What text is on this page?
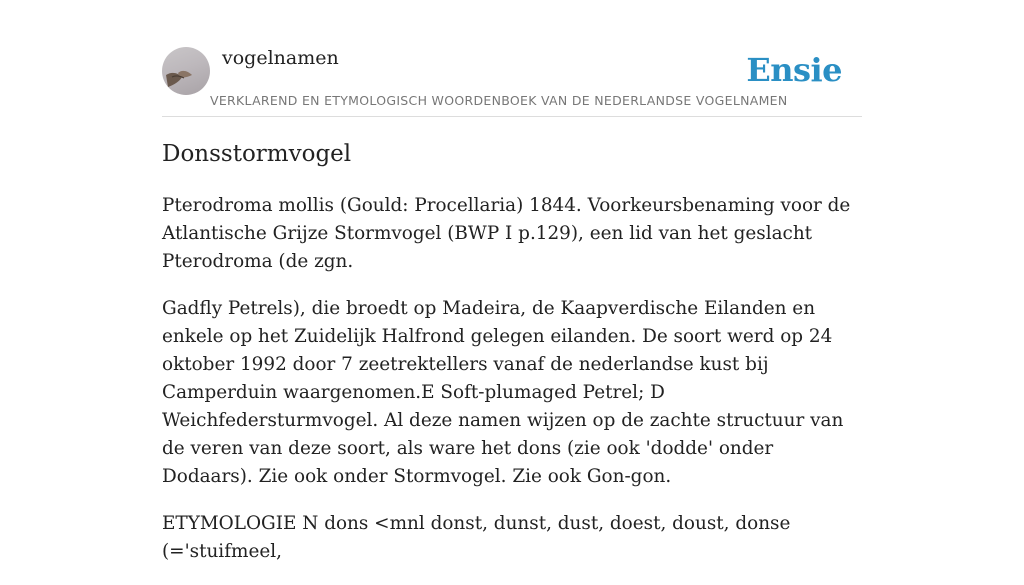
vogelnamen	Ensie
VERKLAREND EN ETYMOLOGISCH WOORDENBOEK VAN DE NEDERLANDSE VOGELNAMEN
Donsstormvogel

Pterodroma mollis (Gould: Procellaria) 1844. Voorkeursbenaming voor de Atlantische Grijze Stormvogel (BWP I p.129), een lid van het geslacht Pterodroma (de zgn.

Gadfly Petrels), die broedt op Madeira, de Kaapverdische Eilanden en enkele op het Zuidelijk Halfrond gelegen eilanden. De soort werd op 24 oktober 1992 door 7 zeetrektellers vanaf de nederlandse kust bij Camperduin waargenomen.E Soft-plumaged Petrel; D Weichfedersturmvogel. Al deze namen wijzen op de zachte structuur van de veren van deze soort, als ware het dons (zie ook 'dodde' onder Dodaars). Zie ook onder Stormvogel. Zie ook Gon-gon.

ETYMOLOGIE N dons <mnl donst, dunst, dust, doest, doust, donse (='stuifmeel,
